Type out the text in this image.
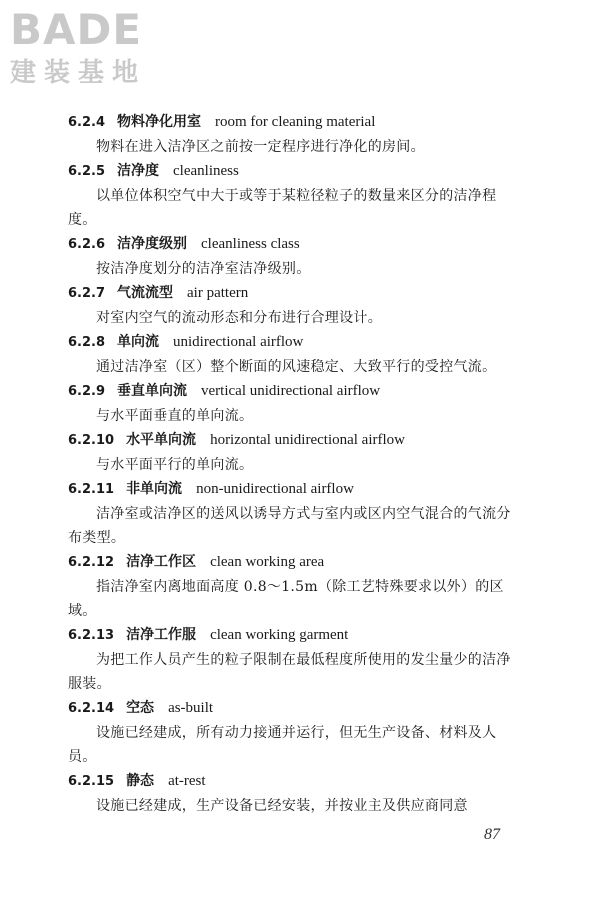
BADE
建装基地
6.2.4 物料净化用室 room for cleaning material

物料在进入洁净区之前按一定程序进行净化的房间。

6.2.5 洁净度 cleanliness

以单位体积空气中大于或等于某粒径粒子的数量来区分的洁净程度。

6.2.6 洁净度级别 cleanliness class

按洁净度划分的洁净室洁净级别。

6.2.7 气流流型 air pattern

对室内空气的流动形态和分布进行合理设计。

6.2.8 单向流 unidirectional airflow

通过洁净室（区）整个断面的风速稳定、大致平行的受控气流。

6.2.9 垂直单向流 vertical unidirectional airflow

与水平面垂直的单向流。

6.2.10 水平单向流 horizontal unidirectional airflow

与水平面平行的单向流。

6.2.11 非单向流 non-unidirectional airflow

洁净室或洁净区的送风以诱导方式与室内或区内空气混合的气流分布类型。

6.2.12 洁净工作区 clean working area

指洁净室内离地面高度 0.8～1.5m（除工艺特殊要求以外）的区域。

6.2.13 洁净工作服 clean working garment

为把工作人员产生的粒子限制在最低程度所使用的发尘量少的洁净服装。

6.2.14 空态 as-built

设施已经建成，所有动力接通并运行，但无生产设备、材料及人员。

6.2.15 静态 at-rest

设施已经建成，生产设备已经安装，并按业主及供应商同意

87
